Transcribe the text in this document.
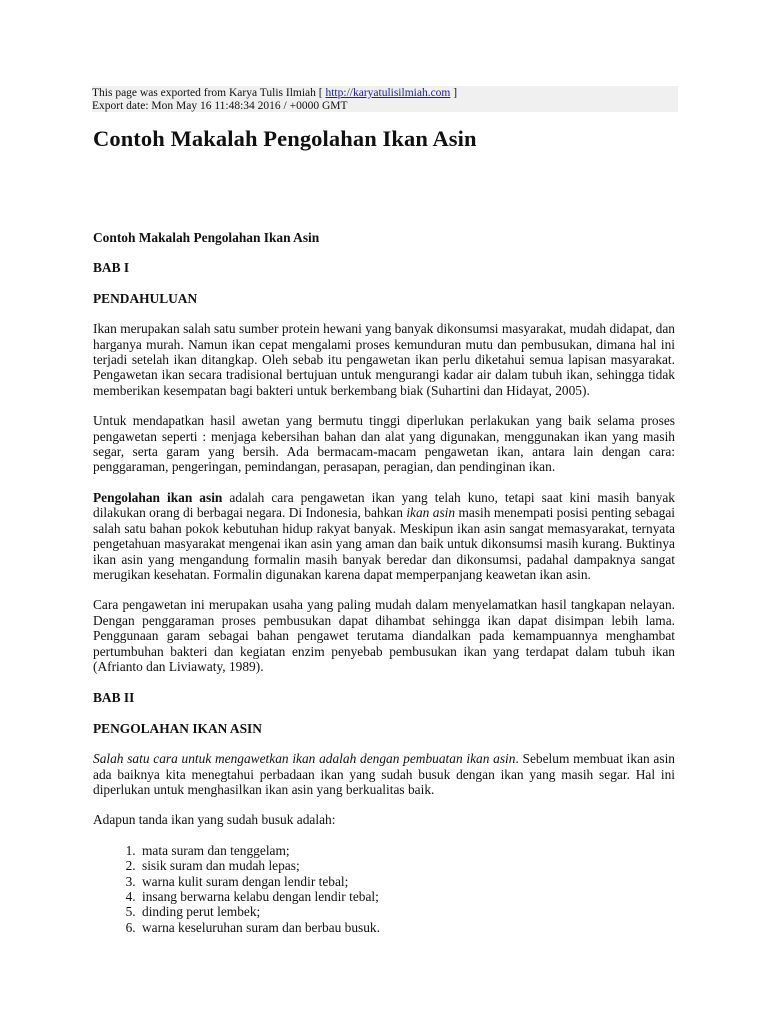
This page was exported from Karya Tulis Ilmiah [ http://karyatulisilmiah.com ]
Export date: Mon May 16 11:48:34 2016 / +0000 GMT
Contoh Makalah Pengolahan Ikan Asin

Contoh Makalah Pengolahan Ikan Asin

BAB I

PENDAHULUAN

Ikan merupakan salah satu sumber protein hewani yang banyak dikonsumsi masyarakat, mudah didapat, dan harganya murah. Namun ikan cepat mengalami proses kemunduran mutu dan pembusukan, dimana hal ini terjadi setelah ikan ditangkap. Oleh sebab itu pengawetan ikan perlu diketahui semua lapisan masyarakat. Pengawetan ikan secara tradisional bertujuan untuk mengurangi kadar air dalam tubuh ikan, sehingga tidak memberikan kesempatan bagi bakteri untuk berkembang biak (Suhartini dan Hidayat, 2005).

Untuk mendapatkan hasil awetan yang bermutu tinggi diperlukan perlakukan yang baik selama proses pengawetan seperti : menjaga kebersihan bahan dan alat yang digunakan, menggunakan ikan yang masih segar, serta garam yang bersih. Ada bermacam-macam pengawetan ikan, antara lain dengan cara: penggaraman, pengeringan, pemindangan, perasapan, peragian, dan pendinginan ikan.

Pengolahan ikan asin adalah cara pengawetan ikan yang telah kuno, tetapi saat kini masih banyak dilakukan orang di berbagai negara. Di Indonesia, bahkan ikan asin masih menempati posisi penting sebagai salah satu bahan pokok kebutuhan hidup rakyat banyak. Meskipun ikan asin sangat memasyarakat, ternyata pengetahuan masyarakat mengenai ikan asin yang aman dan baik untuk dikonsumsi masih kurang. Buktinya ikan asin yang mengandung formalin masih banyak beredar dan dikonsumsi, padahal dampaknya sangat merugikan kesehatan. Formalin digunakan karena dapat memperpanjang keawetan ikan asin.

Cara pengawetan ini merupakan usaha yang paling mudah dalam menyelamatkan hasil tangkapan nelayan. Dengan penggaraman proses pembusukan dapat dihambat sehingga ikan dapat disimpan lebih lama. Penggunaan garam sebagai bahan pengawet terutama diandalkan pada kemampuannya menghambat pertumbuhan bakteri dan kegiatan enzim penyebab pembusukan ikan yang terdapat dalam tubuh ikan (Afrianto dan Liviawaty, 1989).

BAB II

PENGOLAHAN IKAN ASIN

Salah satu cara untuk mengawetkan ikan adalah dengan pembuatan ikan asin. Sebelum membuat ikan asin ada baiknya kita menegtahui perbadaan ikan yang sudah busuk dengan ikan yang masih segar. Hal ini diperlukan untuk menghasilkan ikan asin yang berkualitas baik.

Adapun tanda ikan yang sudah busuk adalah:

1. mata suram dan tenggelam;
2. sisik suram dan mudah lepas;
3. warna kulit suram dengan lendir tebal;
4. insang berwarna kelabu dengan lendir tebal;
5. dinding perut lembek;
6. warna keseluruhan suram dan berbau busuk.
